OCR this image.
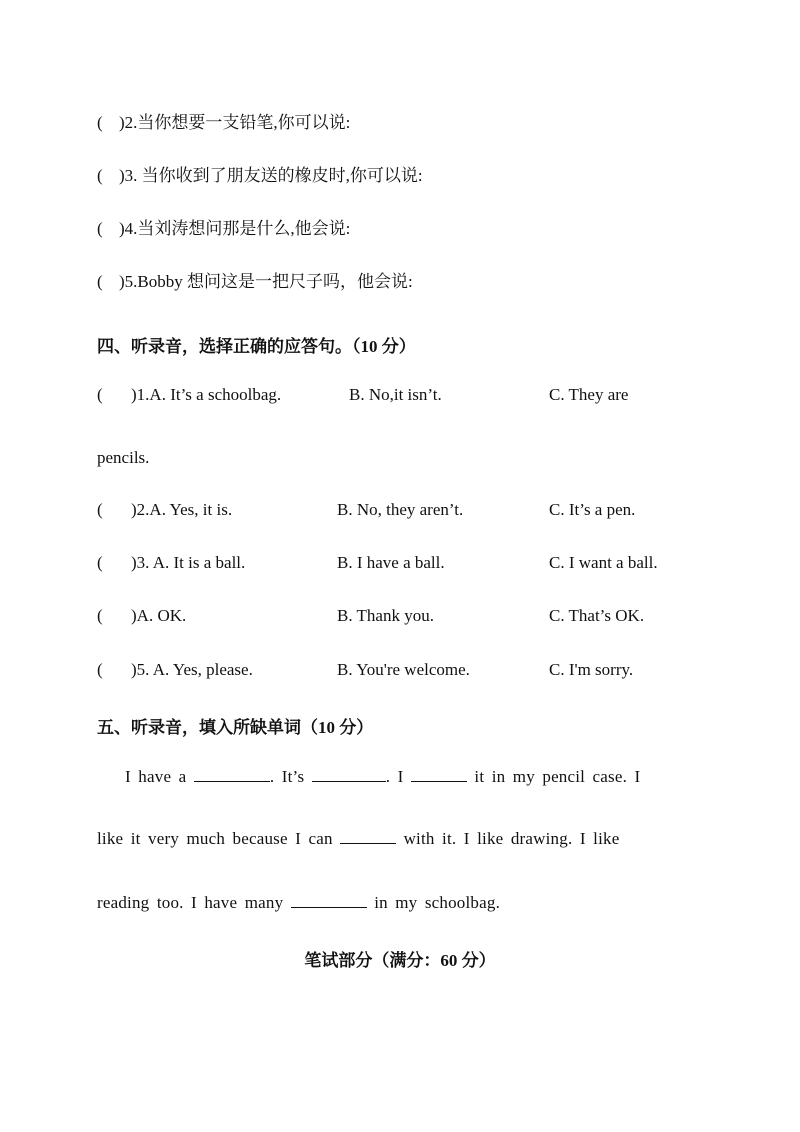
( )2.当你想要一支铅笔,你可以说:
( )3. 当你收到了朋友送的橡皮时,你可以说:
( )4.当刘涛想问那是什么,他会说:
( )5.Bobby 想问这是一把尺子吗，他会说:
四、听录音，选择正确的应答句。（10 分）
( )1.A. It’s a schoolbag.	B. No,it isn’t.	C. They are
pencils.
( )2.A. Yes, it is.	B. No, they aren’t.	C. It’s a pen.
( )3. A. It is a ball.	B. I have a ball.	C. I want a ball.
( )A. OK.	B. Thank you.	C. That’s OK.
( )5. A. Yes, please.	B. You're welcome.	C. I'm sorry.
五、听录音，填入所缺单词（10 分）
I have a	. It’s	. I	it in my pencil case. I
like it very much because I can	with it. I like drawing. I like
reading too. I have many	in my schoolbag.
笔试部分（满分：60 分）
